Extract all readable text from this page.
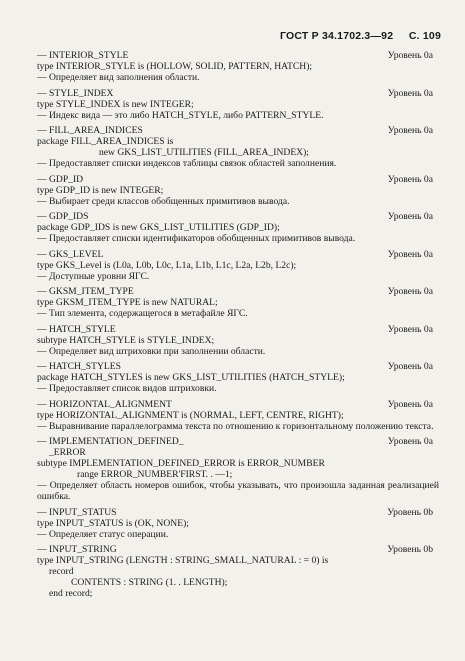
ГОСТ Р 34.1702.3—92 С. 109
— INTERIOR_STYLE	Уровень 0a
type INTERIOR_STYLE is (HOLLOW, SOLID, PATTERN, HATCH);
— Определяет вид заполнения области.
— STYLE_INDEX	Уровень 0a
type STYLE_INDEX is new INTEGER;
— Индекс вида — это либо HATCH_STYLE, либо PATTERN_STYLE.
— FILL_AREA_INDICES	Уровень 0a
package FILL_AREA_INDICES is
new GKS_LIST_UTILITIES (FILL_AREA_INDEX);
— Предоставляет списки индексов таблицы связок областей заполнения.
— GDP_ID	Уровень 0a
type GDP_ID is new INTEGER;
— Выбирает среди классов обобщенных примитивов вывода.
— GDP_IDS	Уровень 0a
package GDP_IDS is new GKS_LIST_UTILITIES (GDP_ID);
— Предоставляет списки идентификаторов обобщенных примитивов вывода.
— GKS_LEVEL	Уровень 0a
type GKS_Level is (L0a, L0b, L0c, L1a, L1b, L1c, L2a, L2b, L2c);
— Доступные уровни ЯГС.
— GKSM_ITEM_TYPE	Уровень 0a
type GKSM_ITEM_TYPE is new NATURAL;
— Тип элемента, содержащегося в метафайле ЯГС.
— HATCH_STYLE	Уровень 0a
subtype HATCH_STYLE is STYLE_INDEX;
— Определяет вид штриховки при заполнении области.
— HATCH_STYLES	Уровень 0a
package HATCH_STYLES is new GKS_LIST_UTILITIES (HATCH_STYLE);
— Предоставляет список видов штриховки.
— HORIZONTAL_ALIGNMENT	Уровень 0a
type HORIZONTAL_ALIGNMENT is (NORMAL, LEFT, CENTRE, RIGHT);
— Выравнивание параллелограмма текста по отношению к горизонтальному положению текста.
— IMPLEMENTATION_DEFINED_	Уровень 0a
_ERROR
subtype IMPLEMENTATION_DEFINED_ERROR is ERROR_NUMBER
range ERROR_NUMBER'FIRST. . —1;
— Определяет область номеров ошибок, чтобы указывать, что произошла заданная реализацией ошибка.
— INPUT_STATUS	Уровень 0b
type INPUT_STATUS is (OK, NONE);
— Определяет статус операции.
— INPUT_STRING	Уровень 0b
type INPUT_STRING (LENGTH : STRING_SMALL_NATURAL : = 0) is
record
CONTENTS : STRING (1. . LENGTH);
end record;
